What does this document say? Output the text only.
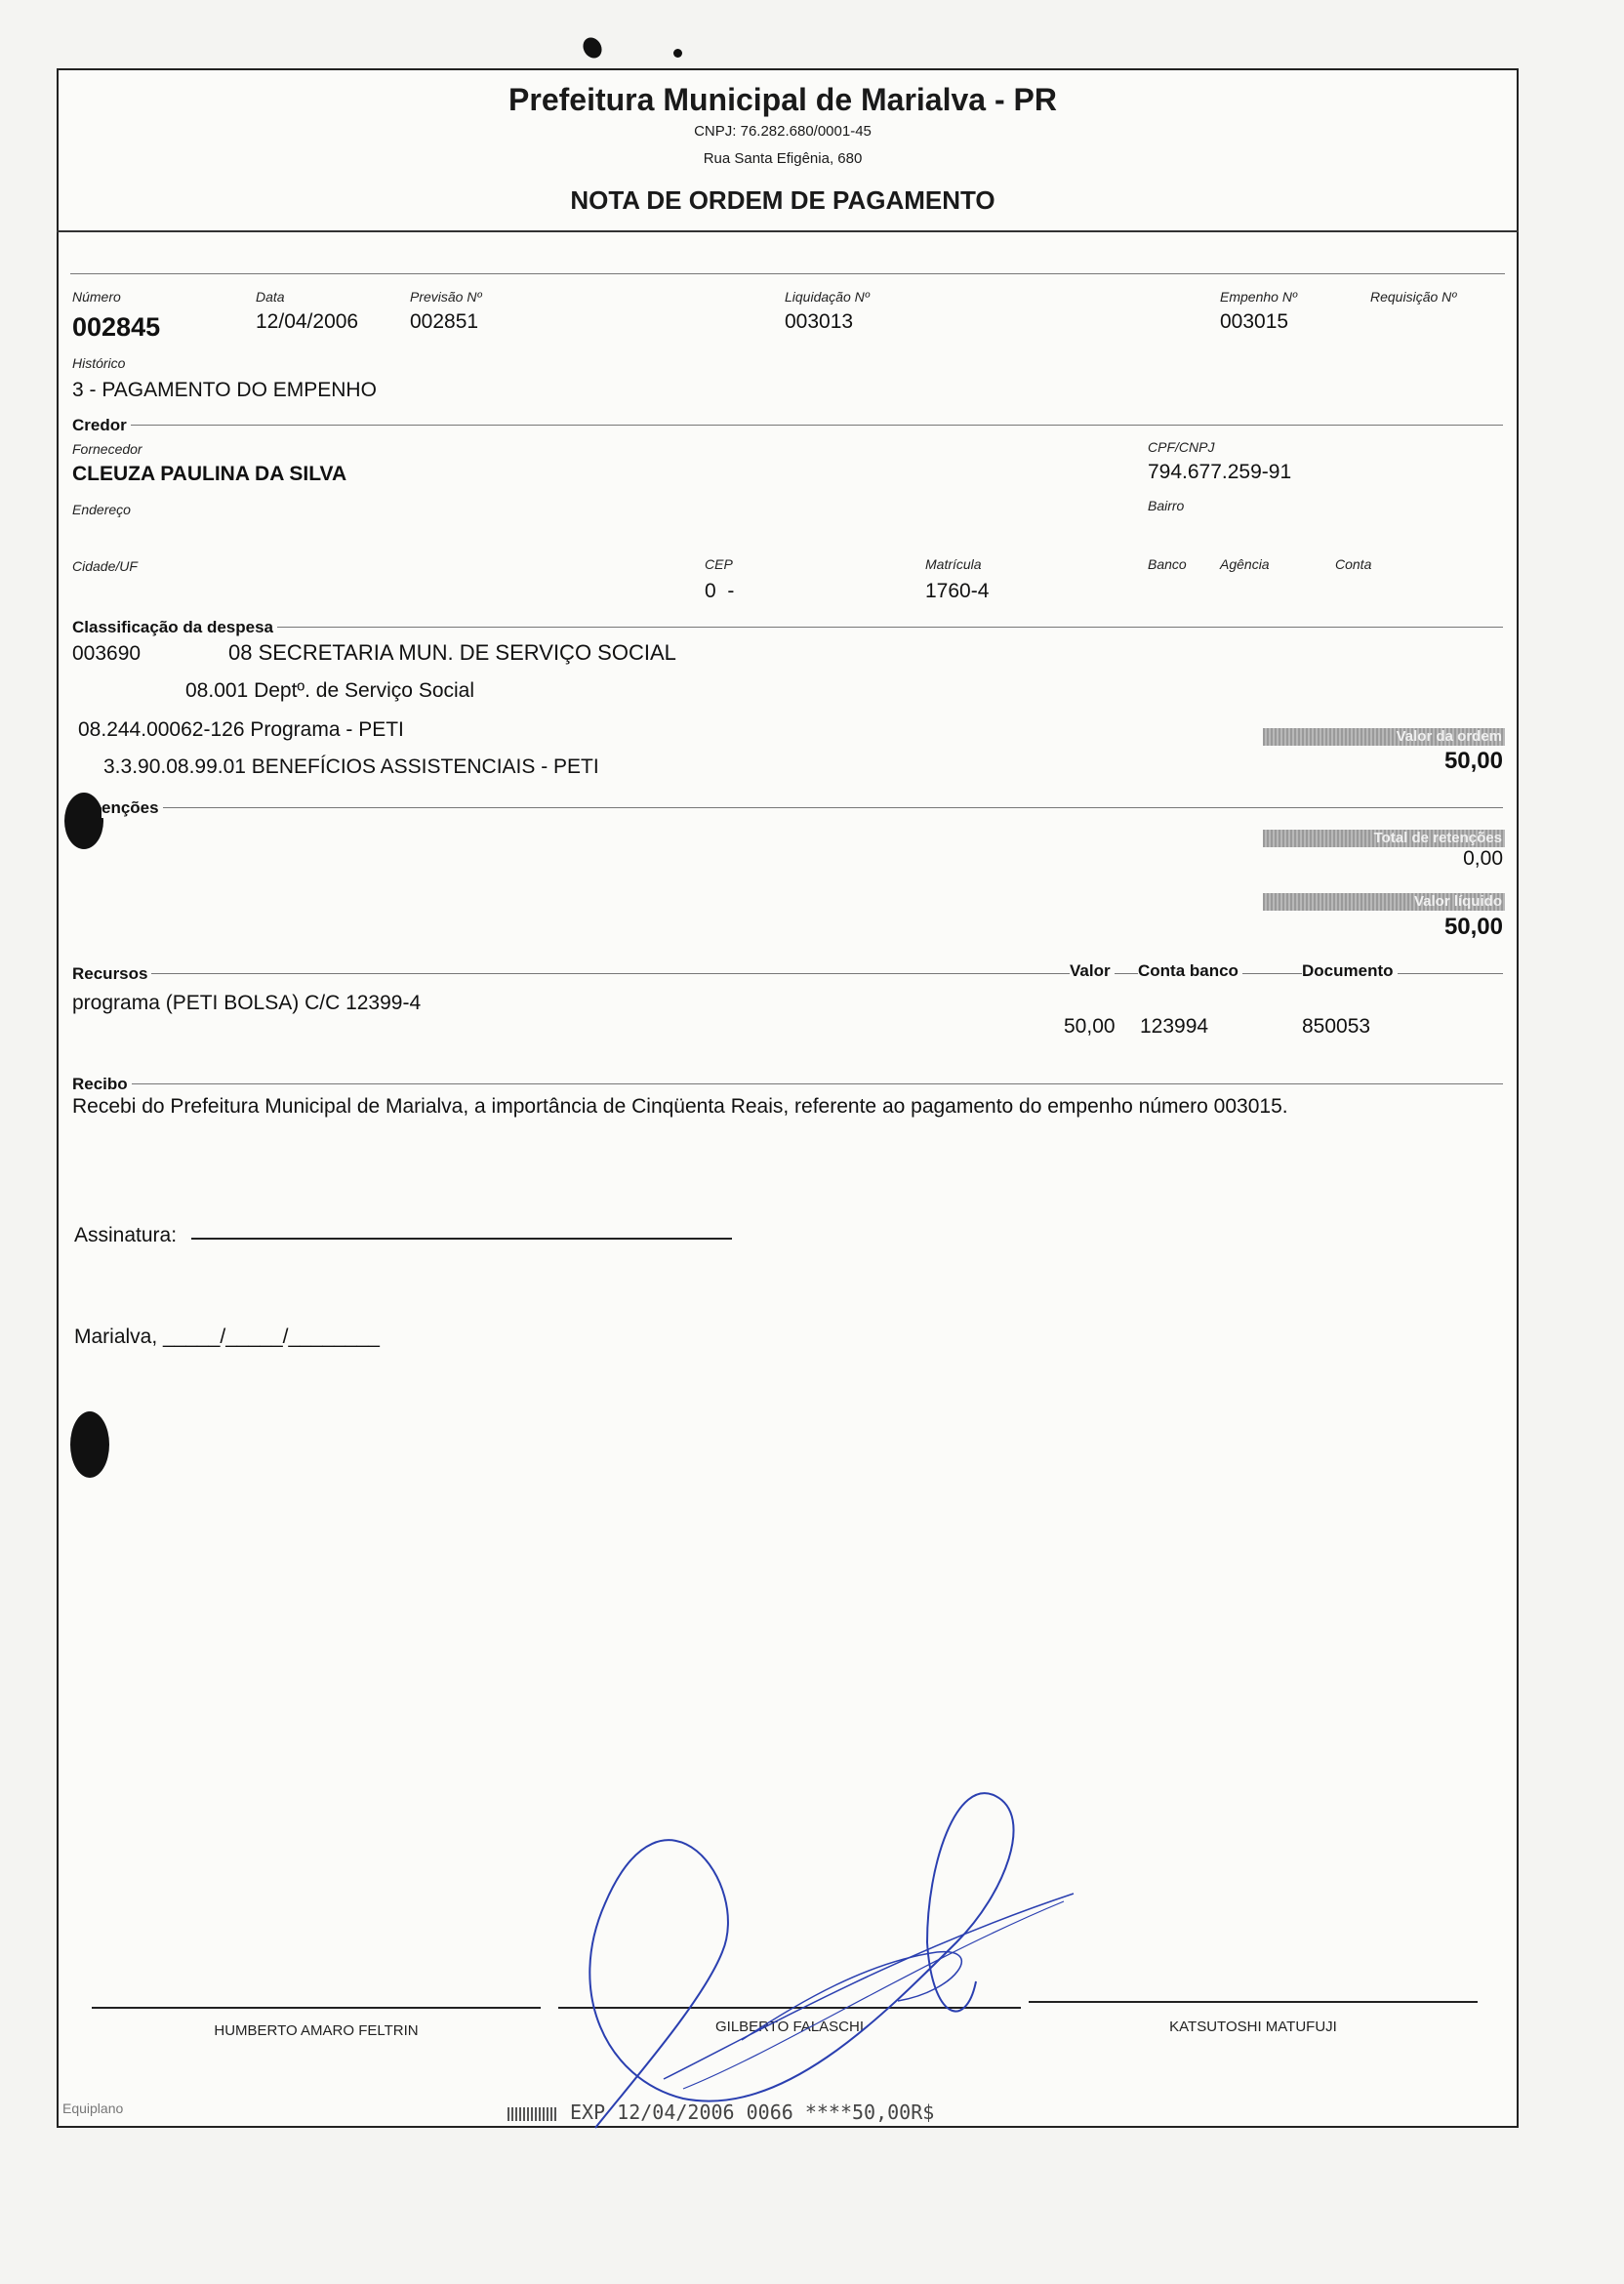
Prefeitura Municipal de Marialva - PR
CNPJ: 76.282.680/0001-45
Rua Santa Efigênia, 680
NOTA DE ORDEM DE PAGAMENTO
Número
002845
Data
12/04/2006
Previsão Nº
002851
Liquidação Nº
003013
Empenho Nº
003015
Requisição Nº
Histórico
3 - PAGAMENTO DO EMPENHO
Credor
Fornecedor
CLEUZA PAULINA DA SILVA
CPF/CNPJ
794.677.259-91
Endereço	Bairro
Cidade/UF	CEP
0  -
Matrícula
1760-4
Banco Agência	Conta
Classificação da despesa
003690	08 SECRETARIA MUN. DE SERVIÇO SOCIAL
08.001 Deptº. de Serviço Social
08.244.00062-126 Programa - PETI
3.3.90.08.99.01 BENEFÍCIOS ASSISTENCIAIS - PETI
Valor da ordem
50,00
enções
Total de retenções
0,00
Valor líquido
50,00
Recursos	Valor Conta banco	Documento
programa (PETI BOLSA) C/C 12399-4
50,00 123994	850053
Recibo
Recebi do Prefeitura Municipal de Marialva, a importância de Cinqüenta Reais, referente ao pagamento do empenho número 003015.
Assinatura:
Marialva, _____/_____/________
HUMBERTO AMARO FELTRIN	GILBERTO FALASCHI	KATSUTOSHI MATUFUJI
Equiplano	EXP 12/04/2006 0066 ****50,00R$
